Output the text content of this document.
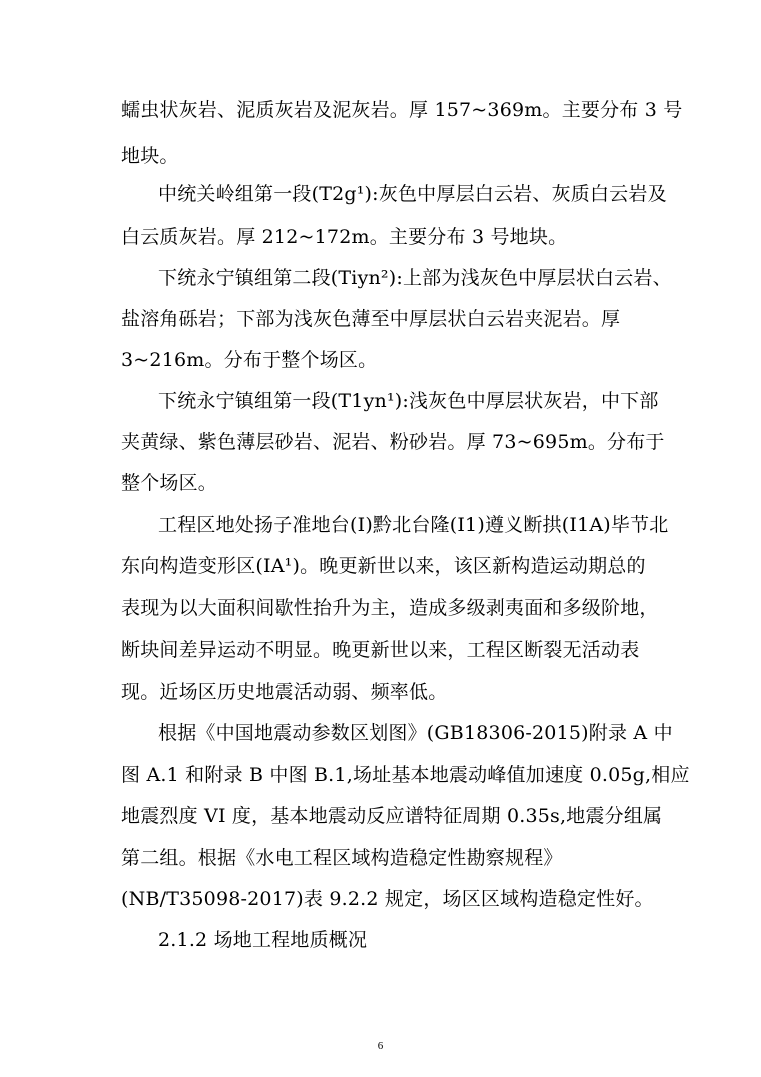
蠕虫状灰岩、泥质灰岩及泥灰岩。厚 157~369m。主要分布 3 号
地块。
中统关岭组第一段(T2g¹):灰色中厚层白云岩、灰质白云岩及
白云质灰岩。厚 212~172m。主要分布 3 号地块。
下统永宁镇组第二段(Tiyn²):上部为浅灰色中厚层状白云岩、
盐溶角砾岩；下部为浅灰色薄至中厚层状白云岩夹泥岩。厚
3~216m。分布于整个场区。
下统永宁镇组第一段(T1yn¹):浅灰色中厚层状灰岩，中下部
夹黄绿、紫色薄层砂岩、泥岩、粉砂岩。厚 73~695m。分布于
整个场区。
工程区地处扬子准地台(I)黔北台隆(I1)遵义断拱(I1A)毕节北
东向构造变形区(IA¹)。晚更新世以来，该区新构造运动期总的
表现为以大面积间歇性抬升为主，造成多级剥夷面和多级阶地，
断块间差异运动不明显。晚更新世以来，工程区断裂无活动表
现。近场区历史地震活动弱、频率低。
根据《中国地震动参数区划图》(GB18306-2015)附录 A 中
图 A.1 和附录 B 中图 B.1,场址基本地震动峰值加速度 0.05g,相应
地震烈度 VI 度，基本地震动反应谱特征周期 0.35s,地震分组属
第二组。根据《水电工程区域构造稳定性勘察规程》
(NB/T35098-2017)表 9.2.2 规定，场区区域构造稳定性好。
2.1.2 场地工程地质概况
6
